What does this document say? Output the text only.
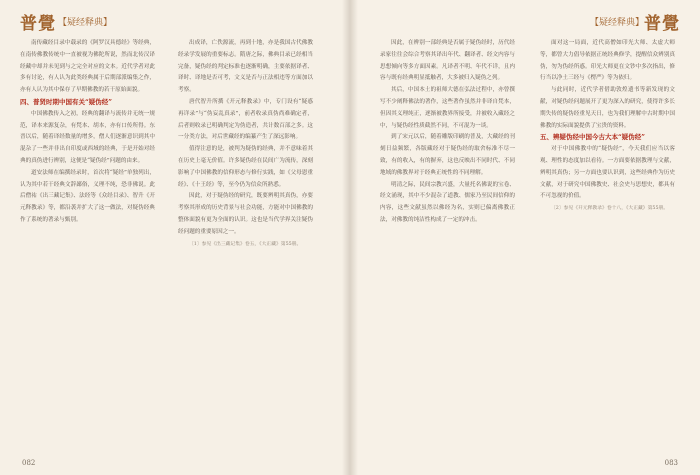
普覺 【疑经释典】

南传藏经目录中载录的《阿罗汉具德经》等经典，在南传佛教传统中一直被视为佛陀所说，然而北传汉译经藏中却并未见到与之完全对应的文本。近代学者对此多有讨论，有人认为此类经典属于后期部派编集之作，亦有人认为其中保存了早期佛教的若干原始面貌。

四、普贤时期中国有关“疑伪经”

中国佛教传入之初，经典的翻译与流传并无统一规范，译本来源复杂，有梵本、胡本，亦有口传所得。东晋以后，随着译经数量的增多，僧人们逐渐意识到其中混杂了一些并非出自印度或西域的经典，于是开始对经典的真伪进行辨别，这便是“疑伪经”问题的由来。

道安法师在编撰经录时，首次将“疑经”单独列出，认为其中若干经典文辞鄙俗，义理不纯，恐非佛说。此后僧祐《出三藏记集》、法经等《众经目录》、智升《开元释教录》等，都沿袭并扩大了这一做法，对疑伪经典作了系统的著录与甄别。

出成译，亡佚源流，再到十地，亦是我国古代佛教经录学发展的重要标志。隋唐之际，佛典目录已经相当完备，疑伪经的判定标准也逐渐明确，主要依据译者、译时、译地是否可考，文义是否与正法相违等方面加以考察。

唐代智升所撰《开元释教录》中，专门设有“疑惑再详录”与“伪妄乱真录”，前者收录真伪尚难确定者，后者则收录已明确判定为伪造者，共计数百部之多。这一分类方法，对后世藏经的编纂产生了深远影响。

值得注意的是，被判为疑伪的经典，并不意味着其在历史上毫无价值。许多疑伪经在民间广为流传，深刻影响了中国佛教的信仰形态与修行实践，如《父母恩重经》、《十王经》等，至今仍为信众所熟悉。

因此，对于疑伪经的研究，既要辨明其真伪，亦要考察其形成的历史背景与社会功能，方能对中国佛教的整体面貌有更为全面的认识。这也是当代学界关注疑伪经问题的重要原因之一。

〔1〕参见《出三藏记集》卷五，《大正藏》第55册。

082
【疑经释典】 普覺

因此，在辨别一部经典是否属于疑伪经时，历代经录家往往会综合考察其译出年代、翻译者、经文内容与思想倾向等多方面因素。凡译者不明、年代不详，且内容与既有经典明显抵触者，大多被归入疑伪之列。

其后，中国本土的祖师大德在弘法过程中，亦曾撰写不少阐释佛法的著作，这些著作虽然并非译自梵本，但因其义理纯正，逐渐被教界所接受，并被收入藏经之中，与疑伪经性质截然不同，不可混为一谈。

到了宋元以后，随着雕版印刷的普及，大藏经的刊刻日益频繁，各版藏经对于疑伪经的取舍标准不尽一致，有的收入，有的摒弃，这也反映出不同时代、不同地域的佛教界对于经典正统性的不同理解。

明清之际，民间宗教兴盛，大量托名佛说的宝卷、经文涌现，其中不少混杂了道教、儒家乃至民间信仰的内容，这些文献虽然以佛经为名，实则已偏离佛教正法，对佛教的纯洁性构成了一定的冲击。

面对这一局面，近代高僧如印光大师、太虚大师等，都曾大力倡导依据正统经典修学，提醒信众辨别真伪，勿为伪经所惑。印光大师更在文钞中多次指出，修行当以净土三经与《楞严》等为依归。

与此同时，近代学者借助敦煌遗书等新发现的文献，对疑伪经问题展开了更为深入的研究，使得许多长期失传的疑伪经重见天日，也为我们理解中古时期中国佛教的实际面貌提供了宝贵的资料。

五、辨疑伪经中国今古大本“疑伪经”

对于中国佛教中的“疑伪经”，今天我们应当以客观、理性的态度加以看待。一方面要依据教理与文献，辨明其真伪；另一方面也要认识到，这些经典作为历史文献，对于研究中国佛教史、社会史与思想史，都具有不可忽视的价值。

〔2〕参见《开元释教录》卷十八，《大正藏》第55册。

083
